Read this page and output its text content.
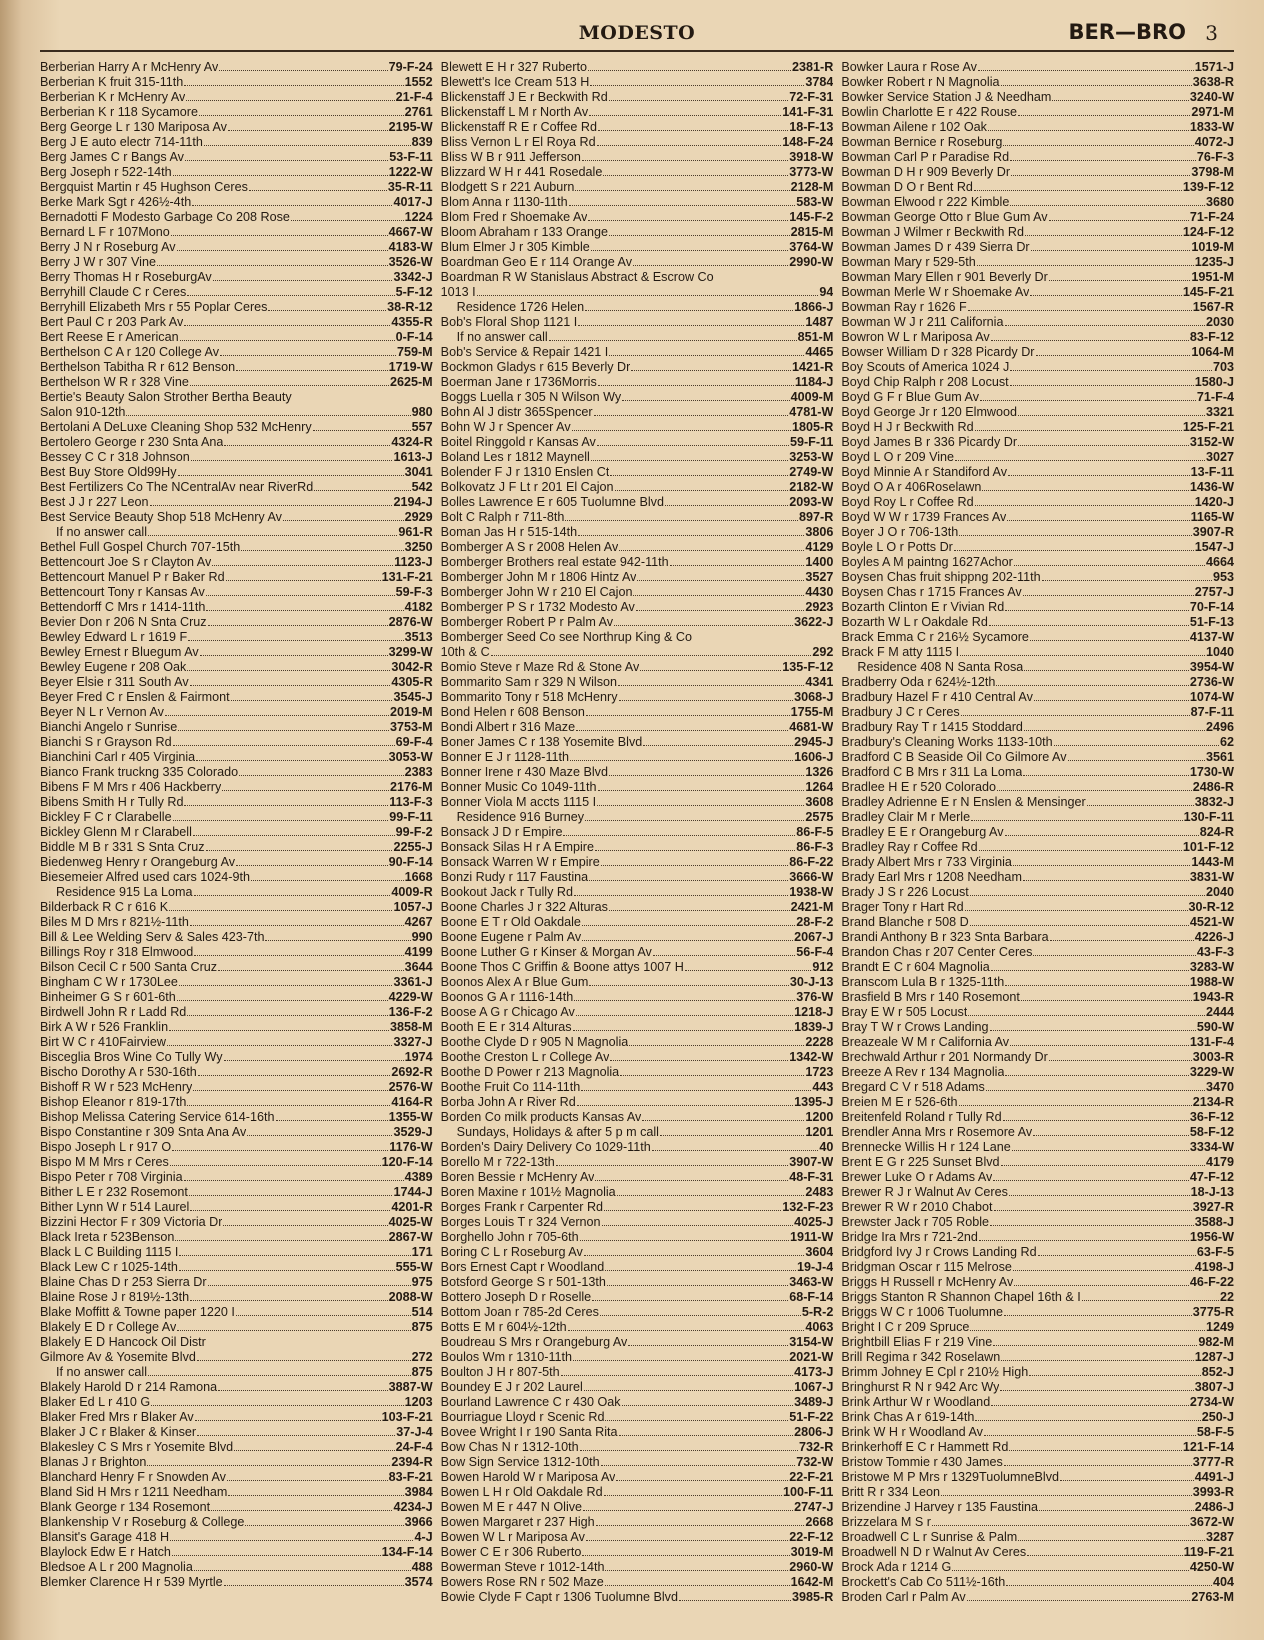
MODESTO	BER—BRO 3
Berberian Harry A r McHenry Av	79-F-24
Berberian K fruit 315-11th	1552
Berberian K r McHenry Av	21-F-4
Berberian K r 118 Sycamore	2761
Berg George L r 130 Mariposa Av	2195-W
Berg J E auto electr 714-11th	839
Berg James C r Bangs Av	53-F-11
Berg Joseph r 522-14th	1222-W
Bergquist Martin r 45 Hughson Ceres	35-R-11
Berke Mark Sgt r 426½-4th	4017-J
Bernadotti F Modesto Garbage Co 208 Rose	1224
Bernard L F r 107Mono	4667-W
Berry J N r Roseburg Av	4183-W
Berry J W r 307 Vine	3526-W
Berry Thomas H r RoseburgAv	3342-J
Berryhill Claude C r Ceres	5-F-12
Berryhill Elizabeth Mrs r 55 Poplar Ceres	38-R-12
Bert Paul C r 203 Park Av	4355-R
Bert Reese E r American	0-F-14
Berthelson C A r 120 College Av	759-M
Berthelson Tabitha R r 612 Benson	1719-W
Berthelson W R r 328 Vine	2625-M
Bertie's Beauty Salon Strother Bertha Beauty
Salon 910-12th	980
Bertolani A DeLuxe Cleaning Shop 532 McHenry	557
Bertolero George r 230 Snta Ana	4324-R
Bessey C C r 318 Johnson	1613-J
Best Buy Store Old99Hy	3041
Best Fertilizers Co The NCentralAv near RiverRd	542
Best J J r 227 Leon	2194-J
Best Service Beauty Shop 518 McHenry Av	2929
If no answer call	961-R
Bethel Full Gospel Church 707-15th	3250
Bettencourt Joe S r Clayton Av	1123-J
Bettencourt Manuel P r Baker Rd	131-F-21
Bettencourt Tony r Kansas Av	59-F-3
Bettendorff C Mrs r 1414-11th	4182
Bevier Don r 206 N Snta Cruz	2876-W
Bewley Edward L r 1619 F	3513
Bewley Ernest r Bluegum Av	3299-W
Bewley Eugene r 208 Oak	3042-R
Beyer Elsie r 311 South Av	4305-R
Beyer Fred C r Enslen & Fairmont	3545-J
Beyer N L r Vernon Av	2019-M
Bianchi Angelo r Sunrise	3753-M
Bianchi S r Grayson Rd	69-F-4
Bianchini Carl r 405 Virginia	3053-W
Bianco Frank truckng 335 Colorado	2383
Bibens F M Mrs r 406 Hackberry	2176-M
Bibens Smith H r Tully Rd	113-F-3
Bickley F C r Clarabelle	99-F-11
Bickley Glenn M r Clarabell	99-F-2
Biddle M B r 331 S Snta Cruz	2255-J
Biedenweg Henry r Orangeburg Av	90-F-14
Biesemeier Alfred used cars 1024-9th	1668
Residence 915 La Loma	4009-R
Bilderback R C r 616 K	1057-J
Biles M D Mrs r 821½-11th	4267
Bill & Lee Welding Serv & Sales 423-7th	990
Billings Roy r 318 Elmwood	4199
Bilson Cecil C r 500 Santa Cruz	3644
Bingham C W r 1730Lee	3361-J
Binheimer G S r 601-6th	4229-W
Birdwell John R r Ladd Rd	136-F-2
Birk A W r 526 Franklin	3858-M
Birt W C r 410Fairview	3327-J
Bisceglia Bros Wine Co Tully Wy	1974
Bischo Dorothy A r 530-16th	2692-R
Bishoff R W r 523 McHenry	2576-W
Bishop Eleanor r 819-17th	4164-R
Bishop Melissa Catering Service 614-16th	1355-W
Bispo Constantine r 309 Snta Ana Av	3529-J
Bispo Joseph L r 917 O	1176-W
Bispo M M Mrs r Ceres	120-F-14
Bispo Peter r 708 Virginia	4389
Bither L E r 232 Rosemont	1744-J
Bither Lynn W r 514 Laurel	4201-R
Bizzini Hector F r 309 Victoria Dr	4025-W
Black Ireta r 523Benson	2867-W
Black L C Building 1115 I	171
Black Lew C r 1025-14th	555-W
Blaine Chas D r 253 Sierra Dr	975
Blaine Rose J r 819½-13th	2088-W
Blake Moffitt & Towne paper 1220 I	514
Blakely E D r College Av	875
Blakely E D Hancock Oil Distr
Gilmore Av & Yosemite Blvd	272
If no answer call	875
Blakely Harold D r 214 Ramona	3887-W
Blaker Ed L r 410 G	1203
Blaker Fred Mrs r Blaker Av	103-F-21
Blaker J C r Blaker & Kinser	37-J-4
Blakesley C S Mrs r Yosemite Blvd	24-F-4
Blanas J r Brighton	2394-R
Blanchard Henry F r Snowden Av	83-F-21
Bland Sid H Mrs r 1211 Needham	3984
Blank George r 134 Rosemont	4234-J
Blankenship V r Roseburg & College	3966
Blansit's Garage 418 H	4-J
Blaylock Edw E r Hatch	134-F-14
Bledsoe A L r 200 Magnolia	488
Blemker Clarence H r 539 Myrtle	3574
Blewett E H r 327 Ruberto	2381-R
Blewett's Ice Cream 513 H	3784
Blickenstaff J E r Beckwith Rd	72-F-31
Blickenstaff L M r North Av	141-F-31
Blickenstaff R E r Coffee Rd	18-F-13
Bliss Vernon L r El Roya Rd	148-F-24
Bliss W B r 911 Jefferson	3918-W
Blizzard W H r 441 Rosedale	3773-W
Blodgett S r 221 Auburn	2128-M
Blom Anna r 1130-11th	583-W
Blom Fred r Shoemake Av	145-F-2
Bloom Abraham r 133 Orange	2815-M
Blum Elmer J r 305 Kimble	3764-W
Boardman Geo E r 114 Orange Av	2990-W
Boardman R W Stanislaus Abstract & Escrow Co
1013 I	94
Residence 1726 Helen	1866-J
Bob's Floral Shop 1121 I	1487
If no answer call	851-M
Bob's Service & Repair 1421 I	4465
Bockmon Gladys r 615 Beverly Dr	1421-R
Boerman Jane r 1736Morris	1184-J
Boggs Luella r 305 N Wilson Wy	4009-M
Bohn Al J distr 365Spencer	4781-W
Bohn W J r Spencer Av	1805-R
Boitel Ringgold r Kansas Av	59-F-11
Boland Les r 1812 Maynell	3253-W
Bolender F J r 1310 Enslen Ct	2749-W
Bolkovatz J F Lt r 201 El Cajon	2182-W
Bolles Lawrence E r 605 Tuolumne Blvd	2093-W
Bolt C Ralph r 711-8th	897-R
Boman Jas H r 515-14th	3806
Bomberger A S r 2008 Helen Av	4129
Bomberger Brothers real estate 942-11th	1400
Bomberger John M r 1806 Hintz Av	3527
Bomberger John W r 210 El Cajon	4430
Bomberger P S r 1732 Modesto Av	2923
Bomberger Robert P r Palm Av	3622-J
Bomberger Seed Co see Northrup King & Co
10th & C	292
Bomio Steve r Maze Rd & Stone Av	135-F-12
Bommarito Sam r 329 N Wilson	4341
Bommarito Tony r 518 McHenry	3068-J
Bond Helen r 608 Benson	1755-M
Bondi Albert r 316 Maze	4681-W
Boner James C r 138 Yosemite Blvd	2945-J
Bonner E J r 1128-11th	1606-J
Bonner Irene r 430 Maze Blvd	1326
Bonner Music Co 1049-11th	1264
Bonner Viola M accts 1115 I	3608
Residence 916 Burney	2575
Bonsack J D r Empire	86-F-5
Bonsack Silas H r A Empire	86-F-3
Bonsack Warren W r Empire	86-F-22
Bonzi Rudy r 117 Faustina	3666-W
Bookout Jack r Tully Rd	1938-W
Boone Charles J r 322 Alturas	2421-M
Boone E T r Old Oakdale	28-F-2
Boone Eugene r Palm Av	2067-J
Boone Luther G r Kinser & Morgan Av	56-F-4
Boone Thos C Griffin & Boone attys 1007 H	912
Boonos Alex A r Blue Gum	30-J-13
Boonos G A r 1116-14th	376-W
Boose A G r Chicago Av	1218-J
Booth E E r 314 Alturas	1839-J
Boothe Clyde D r 905 N Magnolia	2228
Boothe Creston L r College Av	1342-W
Boothe D Power r 213 Magnolia	1723
Boothe Fruit Co 114-11th	443
Borba John A r River Rd	1395-J
Borden Co milk products Kansas Av	1200
Sundays, Holidays & after 5 p m call	1201
Borden's Dairy Delivery Co 1029-11th	40
Borello M r 722-13th	3907-W
Boren Bessie r McHenry Av	48-F-31
Boren Maxine r 101½ Magnolia	2483
Borges Frank r Carpenter Rd	132-F-23
Borges Louis T r 324 Vernon	4025-J
Borghello John r 705-6th	1911-W
Boring C L r Roseburg Av	3604
Bors Ernest Capt r Woodland	19-J-4
Botsford George S r 501-13th	3463-W
Bottero Joseph D r Roselle	68-F-14
Bottom Joan r 785-2d Ceres	5-R-2
Botts E M r 604½-12th	4063
Boudreau S Mrs r Orangeburg Av	3154-W
Boulos Wm r 1310-11th	2021-W
Boulton J H r 807-5th	4173-J
Boundey E J r 202 Laurel	1067-J
Bourland Lawrence C r 430 Oak	3489-J
Bourriague Lloyd r Scenic Rd	51-F-22
Bovee Wright I r 190 Santa Rita	2806-J
Bow Chas N r 1312-10th	732-R
Bow Sign Service 1312-10th	732-W
Bowen Harold W r Mariposa Av	22-F-21
Bowen L H r Old Oakdale Rd	100-F-11
Bowen M E r 447 N Olive	2747-J
Bowen Margaret r 237 High	2668
Bowen W L r Mariposa Av	22-F-12
Bower C E r 306 Ruberto	3019-M
Bowerman Steve r 1012-14th	2960-W
Bowers Rose RN r 502 Maze	1642-M
Bowie Clyde F Capt r 1306 Tuolumne Blvd	3985-R
Bowker Laura r Rose Av	1571-J
Bowker Robert r N Magnolia	3638-R
Bowker Service Station J & Needham	3240-W
Bowlin Charlotte E r 422 Rouse	2971-M
Bowman Ailene r 102 Oak	1833-W
Bowman Bernice r Roseburg	4072-J
Bowman Carl P r Paradise Rd	76-F-3
Bowman D H r 909 Beverly Dr	3798-M
Bowman D O r Bent Rd	139-F-12
Bowman Elwood r 222 Kimble	3680
Bowman George Otto r Blue Gum Av	71-F-24
Bowman J Wilmer r Beckwith Rd	124-F-12
Bowman James D r 439 Sierra Dr	1019-M
Bowman Mary r 529-5th	1235-J
Bowman Mary Ellen r 901 Beverly Dr	1951-M
Bowman Merle W r Shoemake Av	145-F-21
Bowman Ray r 1626 F	1567-R
Bowman W J r 211 California	2030
Bowron W L r Mariposa Av	83-F-12
Bowser William D r 328 Picardy Dr	1064-M
Boy Scouts of America 1024 J	703
Boyd Chip Ralph r 208 Locust	1580-J
Boyd G F r Blue Gum Av	71-F-4
Boyd George Jr r 120 Elmwood	3321
Boyd H J r Beckwith Rd	125-F-21
Boyd James B r 336 Picardy Dr	3152-W
Boyd L O r 209 Vine	3027
Boyd Minnie A r Standiford Av	13-F-11
Boyd O A r 406Roselawn	1436-W
Boyd Roy L r Coffee Rd	1420-J
Boyd W W r 1739 Frances Av	1165-W
Boyer J O r 706-13th	3907-R
Boyle L O r Potts Dr	1547-J
Boyles A M paintng 1627Achor	4664
Boysen Chas fruit shippng 202-11th	953
Boysen Chas r 1715 Frances Av	2757-J
Bozarth Clinton E r Vivian Rd	70-F-14
Bozarth W L r Oakdale Rd	51-F-13
Brack Emma C r 216½ Sycamore	4137-W
Brack F M atty 1115 I	1040
Residence 408 N Santa Rosa	3954-W
Bradberry Oda r 624½-12th	2736-W
Bradbury Hazel F r 410 Central Av	1074-W
Bradbury J C r Ceres	87-F-11
Bradbury Ray T r 1415 Stoddard	2496
Bradbury's Cleaning Works 1133-10th	62
Bradford C B Seaside Oil Co Gilmore Av	3561
Bradford C B Mrs r 311 La Loma	1730-W
Bradlee H E r 520 Colorado	2486-R
Bradley Adrienne E r N Enslen & Mensinger	3832-J
Bradley Clair M r Merle	130-F-11
Bradley E E r Orangeburg Av	824-R
Bradley Ray r Coffee Rd	101-F-12
Brady Albert Mrs r 733 Virginia	1443-M
Brady Earl Mrs r 1208 Needham	3831-W
Brady J S r 226 Locust	2040
Brager Tony r Hart Rd	30-R-12
Brand Blanche r 508 D	4521-W
Brandi Anthony B r 323 Snta Barbara	4226-J
Brandon Chas r 207 Center Ceres	43-F-3
Brandt E C r 604 Magnolia	3283-W
Branscom Lula B r 1325-11th	1988-W
Brasfield B Mrs r 140 Rosemont	1943-R
Bray E W r 505 Locust	2444
Bray T W r Crows Landing	590-W
Breazeale W M r California Av	131-F-4
Brechwald Arthur r 201 Normandy Dr	3003-R
Breeze A Rev r 134 Magnolia	3229-W
Bregard C V r 518 Adams	3470
Breien M E r 526-6th	2134-R
Breitenfeld Roland r Tully Rd	36-F-12
Brendler Anna Mrs r Rosemore Av	58-F-12
Brennecke Willis H r 124 Lane	3334-W
Brent E G r 225 Sunset Blvd	4179
Brewer Luke O r Adams Av	47-F-12
Brewer R J r Walnut Av Ceres	18-J-13
Brewer R W r 2010 Chabot	3927-R
Brewster Jack r 705 Roble	3588-J
Bridge Ira Mrs r 721-2nd	1956-W
Bridgford Ivy J r Crows Landing Rd	63-F-5
Bridgman Oscar r 115 Melrose	4198-J
Briggs H Russell r McHenry Av	46-F-22
Briggs Stanton R Shannon Chapel 16th & I	22
Briggs W C r 1006 Tuolumne	3775-R
Bright I C r 209 Spruce	1249
Brightbill Elias F r 219 Vine	982-M
Brill Regima r 342 Roselawn	1287-J
Brimm Johney E Cpl r 210½ High	852-J
Bringhurst R N r 942 Arc Wy	3807-J
Brink Arthur W r Woodland	2734-W
Brink Chas A r 619-14th	250-J
Brink W H r Woodland Av	58-F-5
Brinkerhoff E C r Hammett Rd	121-F-14
Bristow Tommie r 430 James	3777-R
Bristowe M P Mrs r 1329TuolumneBlvd	4491-J
Britt R r 334 Leon	3993-R
Brizendine J Harvey r 135 Faustina	2486-J
Brizzelara M S r	3672-W
Broadwell C L r Sunrise & Palm	3287
Broadwell N D r Walnut Av Ceres	119-F-21
Brock Ada r 1214 G	4250-W
Brockett's Cab Co 511½-16th	404
Broden Carl r Palm Av	2763-M
